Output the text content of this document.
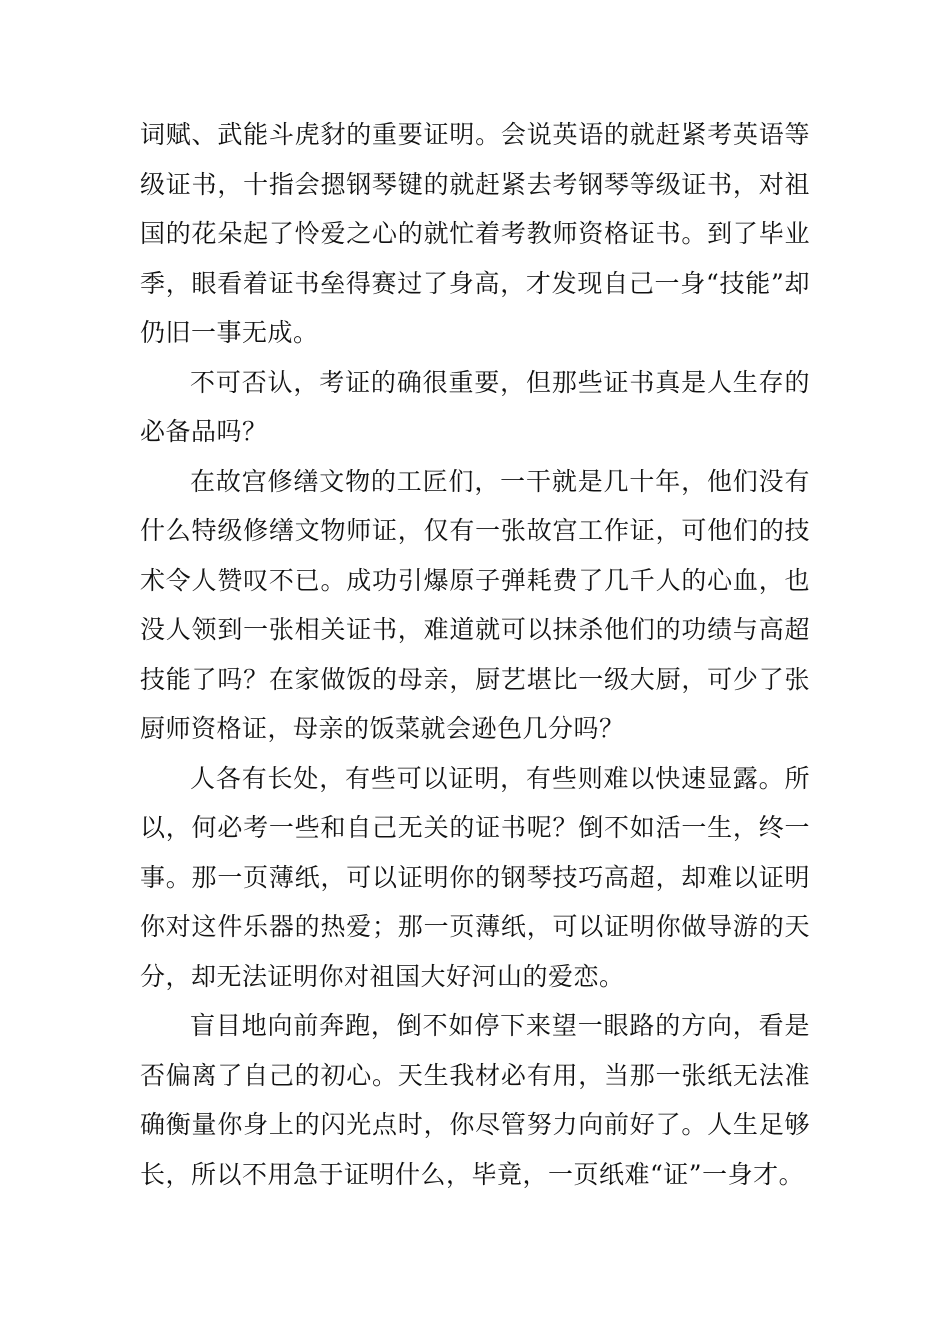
词赋、武能斗虎豺的重要证明。会说英语的就赶紧考英语等级证书，十指会摁钢琴键的就赶紧去考钢琴等级证书，对祖国的花朵起了怜爱之心的就忙着考教师资格证书。到了毕业季，眼看着证书垒得赛过了身高，才发现自己一身“技能”却仍旧一事无成。

不可否认，考证的确很重要，但那些证书真是人生存的必备品吗？

在故宫修缮文物的工匠们，一干就是几十年，他们没有什么特级修缮文物师证，仅有一张故宫工作证，可他们的技术令人赞叹不已。成功引爆原子弹耗费了几千人的心血，也没人领到一张相关证书，难道就可以抹杀他们的功绩与高超技能了吗？在家做饭的母亲，厨艺堪比一级大厨，可少了张厨师资格证，母亲的饭菜就会逊色几分吗？

人各有长处，有些可以证明，有些则难以快速显露。所以，何必考一些和自己无关的证书呢？倒不如活一生，终一事。那一页薄纸，可以证明你的钢琴技巧高超，却难以证明你对这件乐器的热爱；那一页薄纸，可以证明你做导游的天分，却无法证明你对祖国大好河山的爱恋。

盲目地向前奔跑，倒不如停下来望一眼路的方向，看是否偏离了自己的初心。天生我材必有用，当那一张纸无法准确衡量你身上的闪光点时，你尽管努力向前好了。人生足够长，所以不用急于证明什么，毕竟，一页纸难“证”一身才。
